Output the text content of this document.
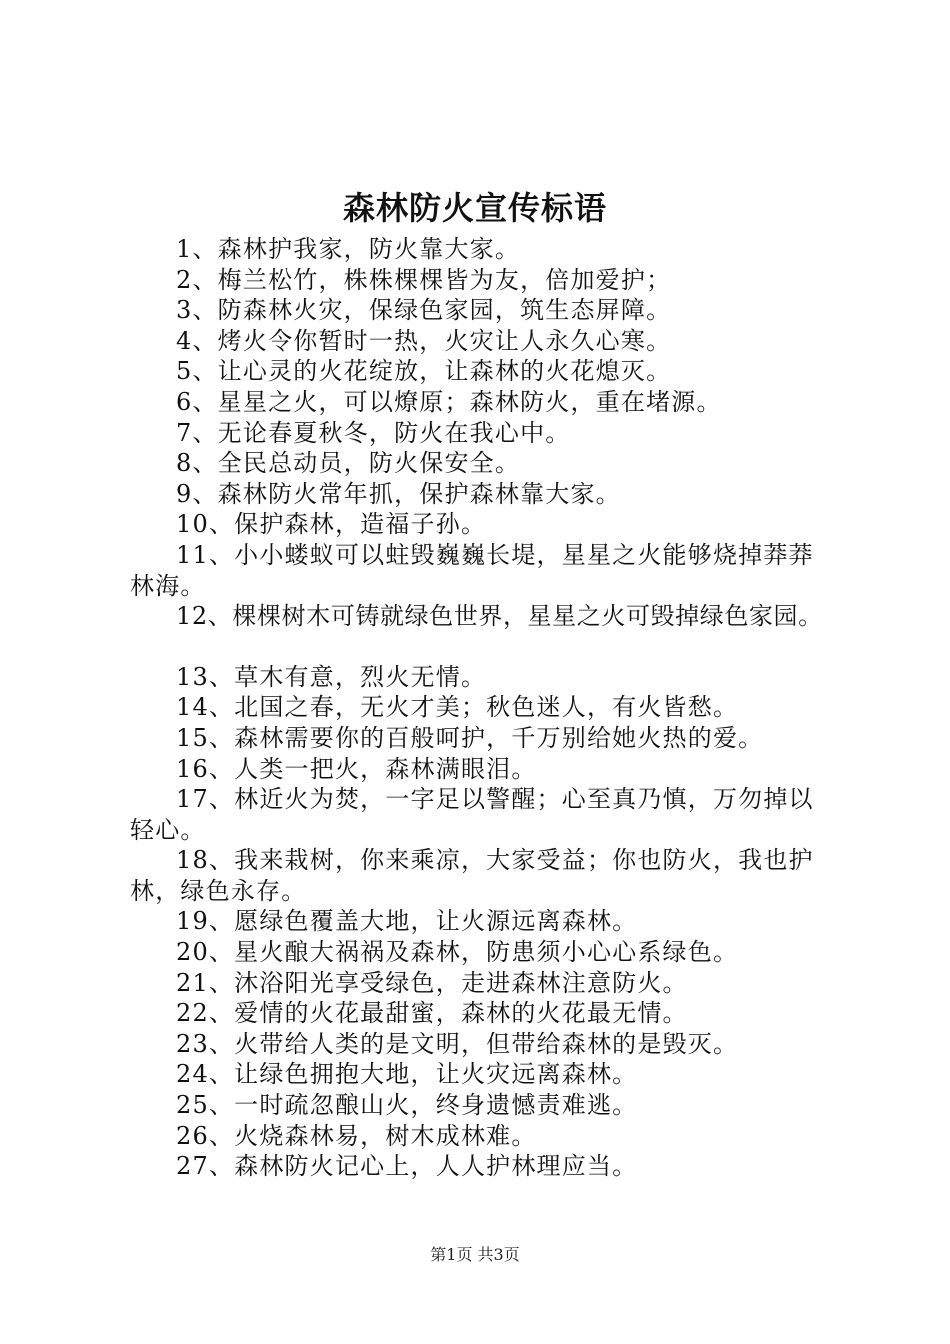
森林防火宣传标语

1、森林护我家，防火靠大家。

2、梅兰松竹，株株棵棵皆为友，倍加爱护；

3、防森林火灾，保绿色家园，筑生态屏障。

4、烤火令你暂时一热，火灾让人永久心寒。

5、让心灵的火花绽放，让森林的火花熄灭。

6、星星之火，可以燎原；森林防火，重在堵源。

7、无论春夏秋冬，防火在我心中。

8、全民总动员，防火保安全。

9、森林防火常年抓，保护森林靠大家。

10、保护森林，造福子孙。

11、小小蝼蚁可以蛀毁巍巍长堤，星星之火能够烧掉莽莽林海。

12、棵棵树木可铸就绿色世界，星星之火可毁掉绿色家园。

13、草木有意，烈火无情。

14、北国之春，无火才美；秋色迷人，有火皆愁。

15、森林需要你的百般呵护，千万别给她火热的爱。

16、人类一把火，森林满眼泪。

17、林近火为焚，一字足以警醒；心至真乃慎，万勿掉以轻心。

18、我来栽树，你来乘凉，大家受益；你也防火，我也护林，绿色永存。

19、愿绿色覆盖大地，让火源远离森林。

20、星火酿大祸祸及森林，防患须小心心系绿色。

21、沐浴阳光享受绿色，走进森林注意防火。

22、爱情的火花最甜蜜，森林的火花最无情。

23、火带给人类的是文明，但带给森林的是毁灭。

24、让绿色拥抱大地，让火灾远离森林。

25、一时疏忽酿山火，终身遗憾责难逃。

26、火烧森林易，树木成林难。

27、森林防火记心上，人人护林理应当。

第1页 共3页
